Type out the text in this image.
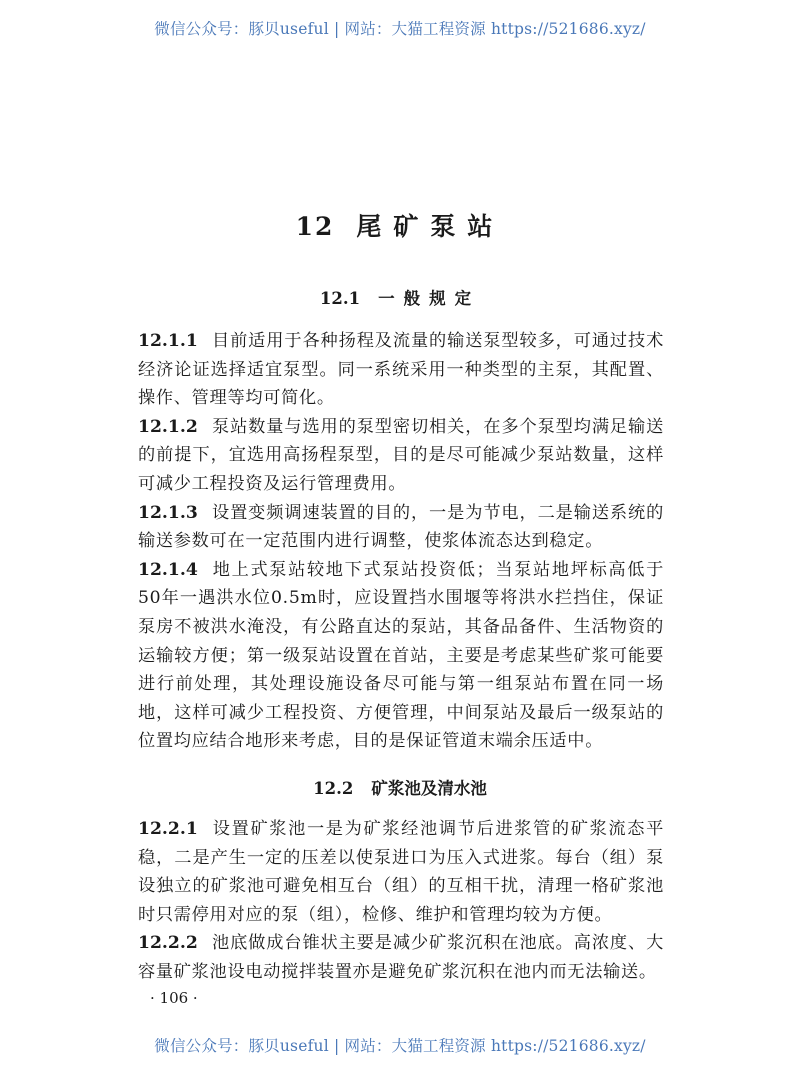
微信公众号：豚贝useful | 网站：大猫工程资源 https://521686.xyz/
12 尾矿泵站
12.1 一般规定

12.1.1 目前适用于各种扬程及流量的输送泵型较多，可通过技术经济论证选择适宜泵型。同一系统采用一种类型的主泵，其配置、操作、管理等均可简化。

12.1.2 泵站数量与选用的泵型密切相关，在多个泵型均满足输送的前提下，宜选用高扬程泵型，目的是尽可能减少泵站数量，这样可减少工程投资及运行管理费用。

12.1.3 设置变频调速装置的目的，一是为节电，二是输送系统的输送参数可在一定范围内进行调整，使浆体流态达到稳定。

12.1.4 地上式泵站较地下式泵站投资低；当泵站地坪标高低于50年一遇洪水位0.5m时，应设置挡水围堰等将洪水拦挡住，保证泵房不被洪水淹没，有公路直达的泵站，其备品备件、生活物资的运输较方便；第一级泵站设置在首站，主要是考虑某些矿浆可能要进行前处理，其处理设施设备尽可能与第一组泵站布置在同一场地，这样可减少工程投资、方便管理，中间泵站及最后一级泵站的位置均应结合地形来考虑，目的是保证管道末端余压适中。

12.2 矿浆池及清水池

12.2.1 设置矿浆池一是为矿浆经池调节后进浆管的矿浆流态平稳，二是产生一定的压差以使泵进口为压入式进浆。每台（组）泵设独立的矿浆池可避免相互台（组）的互相干扰，清理一格矿浆池时只需停用对应的泵（组），检修、维护和管理均较为方便。

12.2.2 池底做成台锥状主要是减少矿浆沉积在池底。高浓度、大容量矿浆池设电动搅拌装置亦是避免矿浆沉积在池内而无法输送。

· 106 ·
微信公众号：豚贝useful | 网站：大猫工程资源 https://521686.xyz/
